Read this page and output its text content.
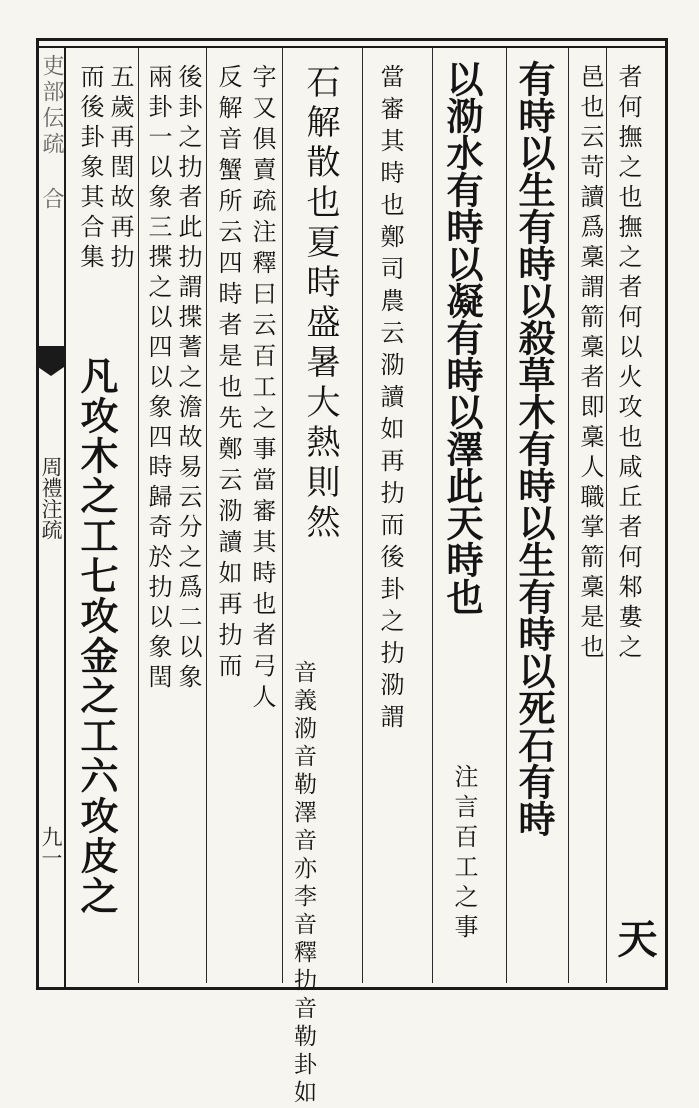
吏部伝疏 合
周禮注疏
九一
者何撫之也撫之者何以火攻也咸丘者何邾婁之
邑也云苛讀爲稾謂箭稾者即稾人職掌箭稾是也
天
有時以生有時以殺草木有時以生有時以死石有時
以泐水有時以凝有時以澤此天時也
注言百工之事
當審其時也鄭司農云泐讀如再扐而後卦之扐泐謂
石解散也夏時盛暑大熱則然
音義泐音勒澤音亦李音釋扐音勒卦如
字又俱賣疏注釋曰云百工之事當審其時也者弓人
反解音蟹所云四時者是也先鄭云泐讀如再扐而
後卦之扐者此扐謂揲蓍之澹故易云分之爲二以象
兩卦一以象三揲之以四以象四時歸奇於扐以象閏
五歲再閏故再扐
而後卦象其合集
凡攻木之工七攻金之工六攻皮之
